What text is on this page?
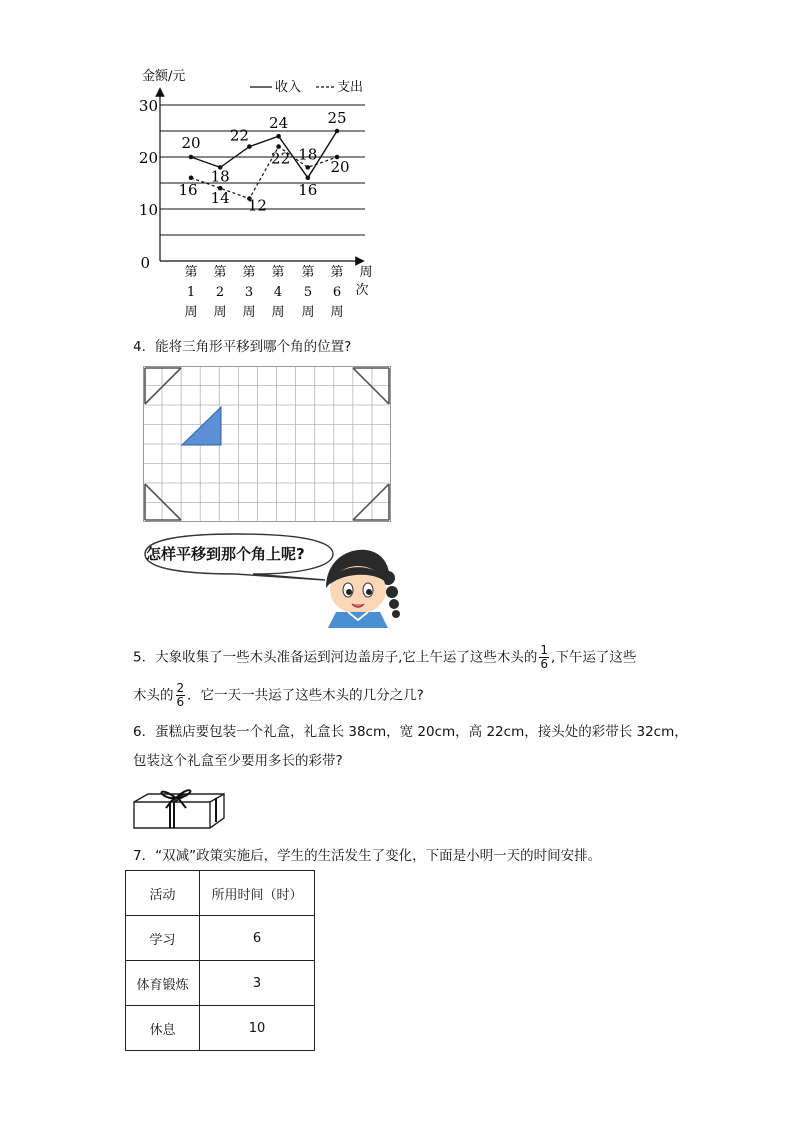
金额/元
收入	支出
0
10
20
30
第
1
周
第
2
周
第
3
周
第
4
周
第
5
周
第
6
周
周
次
20
18
22
24
16
25
16 14 12
22 18
20
4．能将三角形平移到哪个角的位置?
怎样平移到那个角上呢?
5．大象收集了一些木头准备运到河边盖房子,它上午运了这些木头的 $\frac{1}{6}$ ,下午运了这些
木头的 $\frac{2}{6}$ ．它一天一共运了这些木头的几分之几?
6．蛋糕店要包装一个礼盒，礼盒长 38cm，宽 20cm，高 22cm，接头处的彩带长 32cm，
包装这个礼盒至少要用多长的彩带?
7．“双减”政策实施后，学生的生活发生了变化，下面是小明一天的时间安排。
活动	所用时间（时）
学习	6
体育锻炼	3
休息	10
